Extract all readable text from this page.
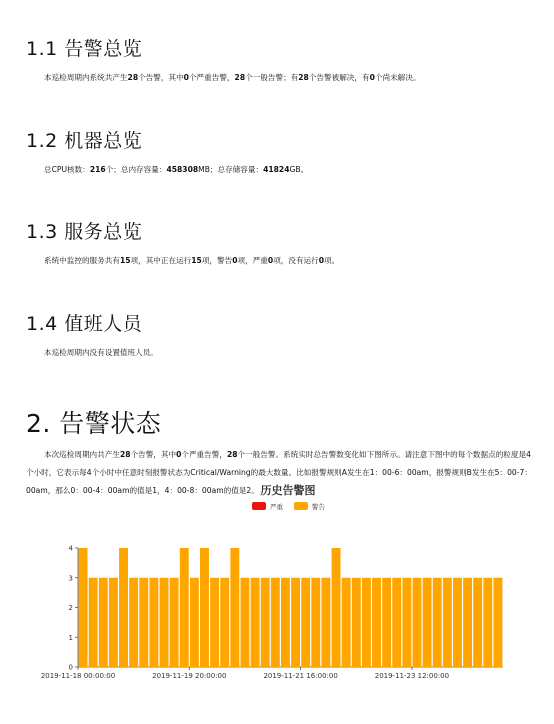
1.1 告警总览
本巡检周期内系统共产生28个告警，其中0个严重告警，28个一般告警；有28个告警被解决，有0个尚未解决。
1.2 机器总览
总CPU核数：216个；总内存容量：458308MB；总存储容量：41824GB。
1.3 服务总览
系统中监控的服务共有15项，其中正在运行15项，警告0项，严重0项，没有运行0项。
1.4 值班人员
本巡检周期内没有设置值班人员。
2. 告警状态
本次巡检周期内共产生28个告警，其中0个严重告警，28个一般告警。系统实时总告警数变化如下图所示。请注意下图中的每个数据点的粒度是4个小时，它表示每4个小时中任意时刻报警状态为Critical/Warning的最大数量。比如报警规则A发生在1：00-6：00am，报警规则B发生在5：00-7：00am，那么0：00-4：00am的值是1，4：00-8：00am的值是2。 历史告警图
严重	警告
0
1
2
3
4
2019-11-18 00:00:00	2019-11-19 20:00:00	2019-11-21 16:00:00	2019-11-23 12:00:00
